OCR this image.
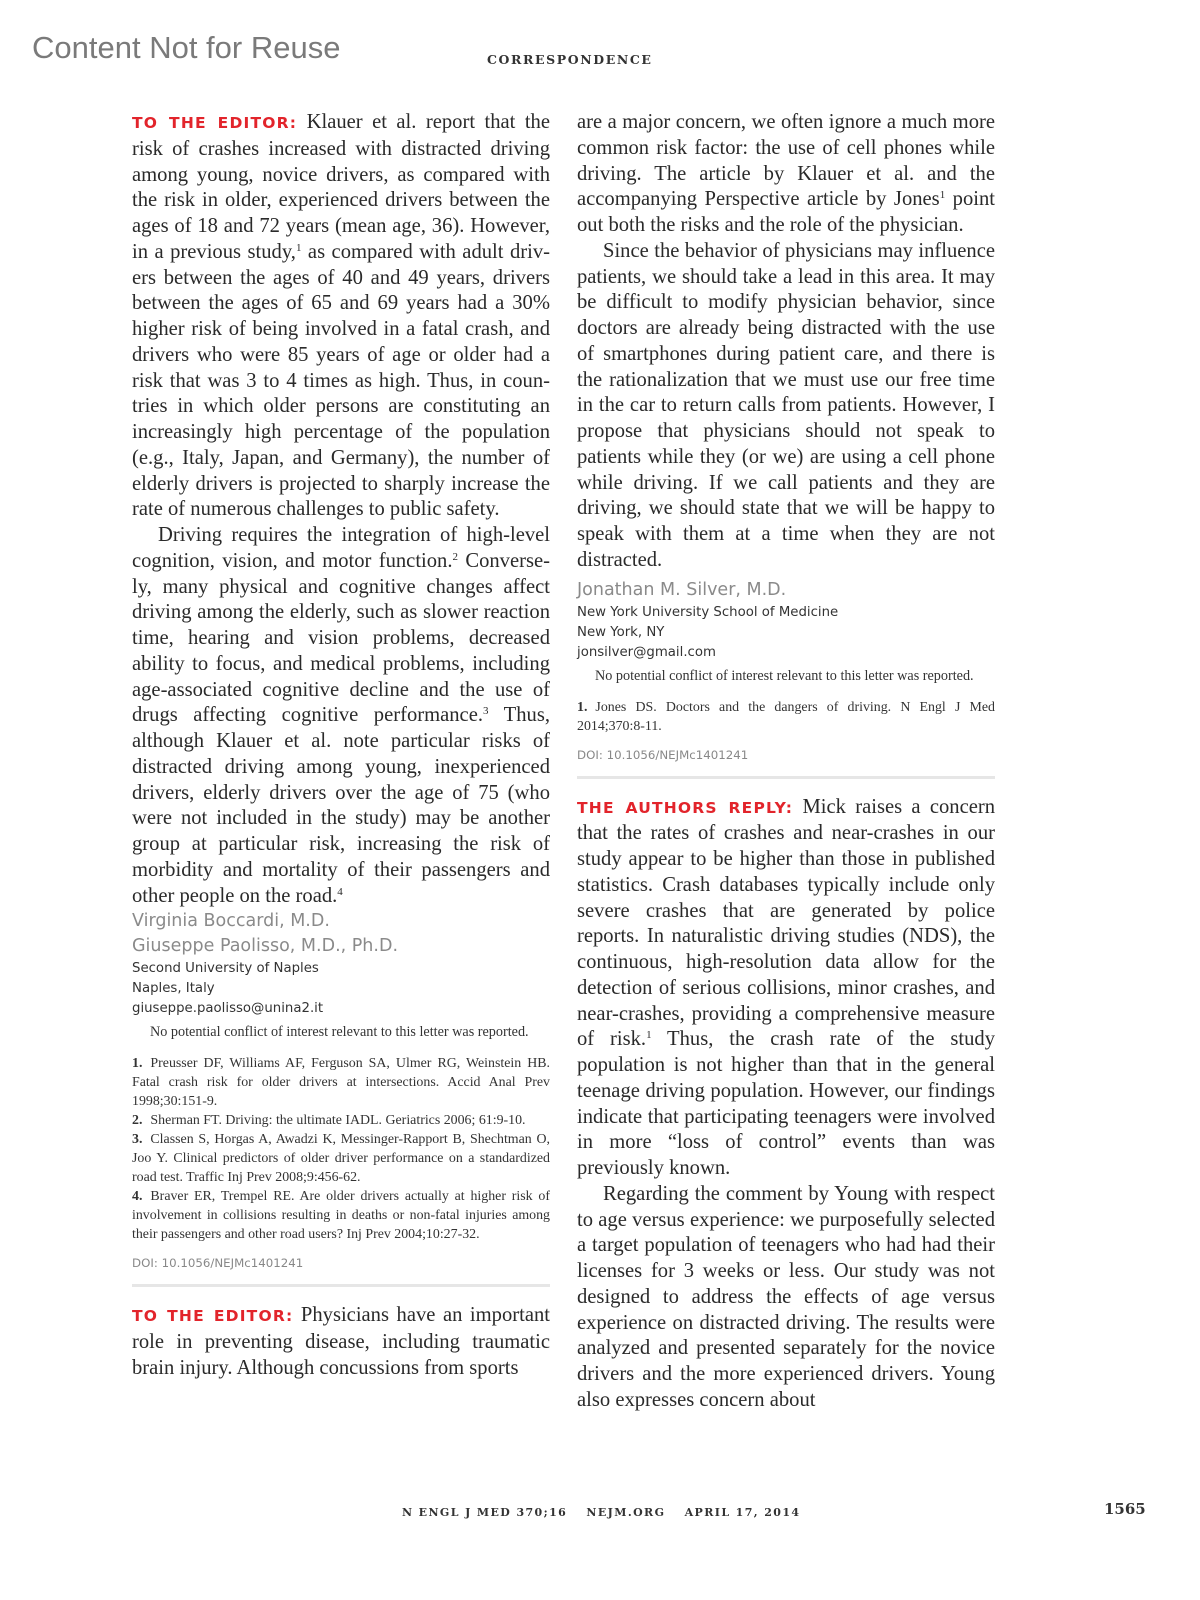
Content Not for Reuse	CORRESPONDENCE

TO THE EDITOR: Klauer et al. report that the risk of crashes increased with distracted driving among young, novice drivers, as compared with the risk in older, experienced drivers between the ages of 18 and 72 years (mean age, 36). However, in a previous study,$^1$ as compared with adult drivers between the ages of 40 and 49 years, drivers between the ages of 65 and 69 years had a 30% higher risk of being involved in a fatal crash, and drivers who were 85 years of age or older had a risk that was 3 to 4 times as high. Thus, in countries in which older persons are constituting an increasingly high percentage of the population (e.g., Italy, Japan, and Germany), the number of elderly drivers is projected to sharply increase the rate of numerous challenges to public safety.

Driving requires the integration of high-level cognition, vision, and motor function.$^2$ Conversely, many physical and cognitive changes affect driving among the elderly, such as slower reaction time, hearing and vision problems, decreased ability to focus, and medical problems, including age-associated cognitive decline and the use of drugs affecting cognitive performance.$^3$ Thus, although Klauer et al. note particular risks of distracted driving among young, inexperienced drivers, elderly drivers over the age of 75 (who were not included in the study) may be another group at particular risk, increasing the risk of morbidity and mortality of their passengers and other people on the road.$^4$

Virginia Boccardi, M.D.

Giuseppe Paolisso, M.D., Ph.D.

Second University of Naples

Naples, Italy

giuseppe.paolisso@unina2.it

No potential conflict of interest relevant to this letter was reported.

1. Preusser DF, Williams AF, Ferguson SA, Ulmer RG, Weinstein HB. Fatal crash risk for older drivers at intersections. Accid Anal Prev 1998;30:151-9.

2. Sherman FT. Driving: the ultimate IADL. Geriatrics 2006; 61:9-10.

3. Classen S, Horgas A, Awadzi K, Messinger-Rapport B, Shechtman O, Joo Y. Clinical predictors of older driver performance on a standardized road test. Traffic Inj Prev 2008;9:456-62.

4. Braver ER, Trempel RE. Are older drivers actually at higher risk of involvement in collisions resulting in deaths or non-fatal injuries among their passengers and other road users? Inj Prev 2004;10:27-32.

DOI: 10.1056/NEJMc1401241

TO THE EDITOR: Physicians have an important role in preventing disease, including traumatic brain injury. Although concussions from sports

are a major concern, we often ignore a much more common risk factor: the use of cell phones while driving. The article by Klauer et al. and the accompanying Perspective article by Jones$^1$ point out both the risks and the role of the physician.

Since the behavior of physicians may influence patients, we should take a lead in this area. It may be difficult to modify physician behavior, since doctors are already being distracted with the use of smartphones during patient care, and there is the rationalization that we must use our free time in the car to return calls from patients. However, I propose that physicians should not speak to patients while they (or we) are using a cell phone while driving. If we call patients and they are driving, we should state that we will be happy to speak with them at a time when they are not distracted.

Jonathan M. Silver, M.D.

New York University School of Medicine

New York, NY

jonsilver@gmail.com

No potential conflict of interest relevant to this letter was reported.

1. Jones DS. Doctors and the dangers of driving. N Engl J Med 2014;370:8-11.

DOI: 10.1056/NEJMc1401241

THE AUTHORS REPLY: Mick raises a concern that the rates of crashes and near-crashes in our study appear to be higher than those in published statistics. Crash databases typically include only severe crashes that are generated by police reports. In naturalistic driving studies (NDS), the continuous, high-resolution data allow for the detection of serious collisions, minor crashes, and near-crashes, providing a comprehensive measure of risk.$^1$ Thus, the crash rate of the study population is not higher than that in the general teenage driving population. However, our findings indicate that participating teenagers were involved in more “loss of control” events than was previously known.

Regarding the comment by Young with respect to age versus experience: we purposefully selected a target population of teenagers who had had their licenses for 3 weeks or less. Our study was not designed to address the effects of age versus experience on distracted driving. The results were analyzed and presented separately for the novice drivers and the more experienced drivers. Young also expresses concern about

N ENGL J MED 370;16 NEJM.ORG APRIL 17, 2014	1565
